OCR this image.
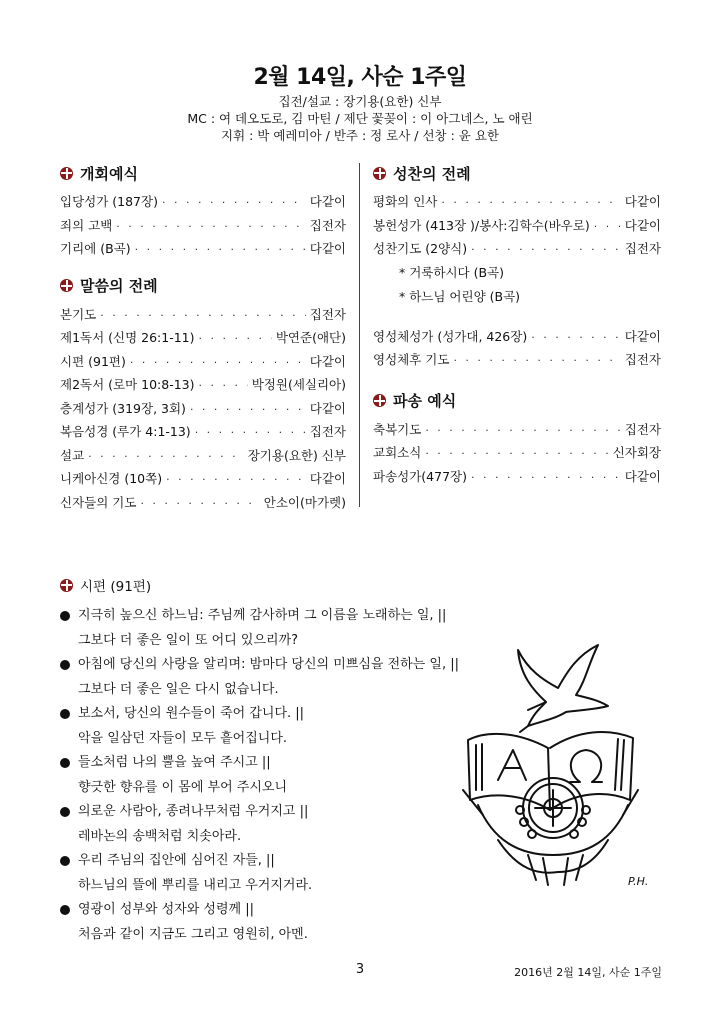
2월 14일, 사순 1주일
집전/설교 : 장기용(요한) 신부
MC : 여 데오도로, 김 마틴 / 제단 꽃꽂이 : 이 아그네스, 노 애린
지휘 : 박 예레미아 / 반주 : 정 로사 / 선창 : 윤 요한
개회예식
입당성가 (187장) · · ·	다같이
죄의 고백 · · ·	집전자
기리에 (B곡) · · ·	다같이
말씀의 전례
본기도 · · ·	집전자
제1독서 (신명 26:1-11) · · ·	박연준(애단)
시편 (91편) · · ·	다같이
제2독서 (로마 10:8-13) · · ·	박정원(세실리아)
층계성가 (319장, 3회) · · ·	다같이
복음성경 (루가 4:1-13) · · ·	집전자
설교 · · ·	장기용(요한) 신부
니케아신경 (10쪽) · · ·	다같이
신자들의 기도 · · ·	안소이(마가렛)
성찬의 전례
평화의 인사 · · ·	다같이
봉헌성가 (413장 )/봉사:김학수(바우로) · · ·	다같이
성찬기도 (2양식) · · ·	집전자
* 거룩하시다 (B곡)
* 하느님 어린양 (B곡)
영성체성가 (성가대, 426장) · · ·	다같이
영성체후 기도 · · ·	집전자
파송 예식
축복기도 · · ·	집전자
교회소식 · · ·	신자회장
파송성가(477장) · · ·	다같이
시편 (91편)
지극히 높으신 하느님: 주님께 감사하며 그 이름을 노래하는 일, ||
그보다 더 좋은 일이 또 어디 있으리까?
아침에 당신의 사랑을 알리며: 밤마다 당신의 미쁘심을 전하는 일, ||
그보다 더 좋은 일은 다시 없습니다.
보소서, 당신의 원수들이 죽어 갑니다. ||
악을 일삼던 자들이 모두 흩어집니다.
들소처럼 나의 뿔을 높여 주시고 ||
향긋한 향유를 이 몸에 부어 주시오니
의로운 사람아, 종려나무처럼 우거지고 ||
레바논의 송백처럼 치솟아라.
우리 주님의 집안에 심어진 자들, ||
하느님의 뜰에 뿌리를 내리고 우거지거라.
영광이 성부와 성자와 성령께 ||
처음과 같이 지금도 그리고 영원히, 아멘.
P.H.
3	2016년 2월 14일, 사순 1주일
